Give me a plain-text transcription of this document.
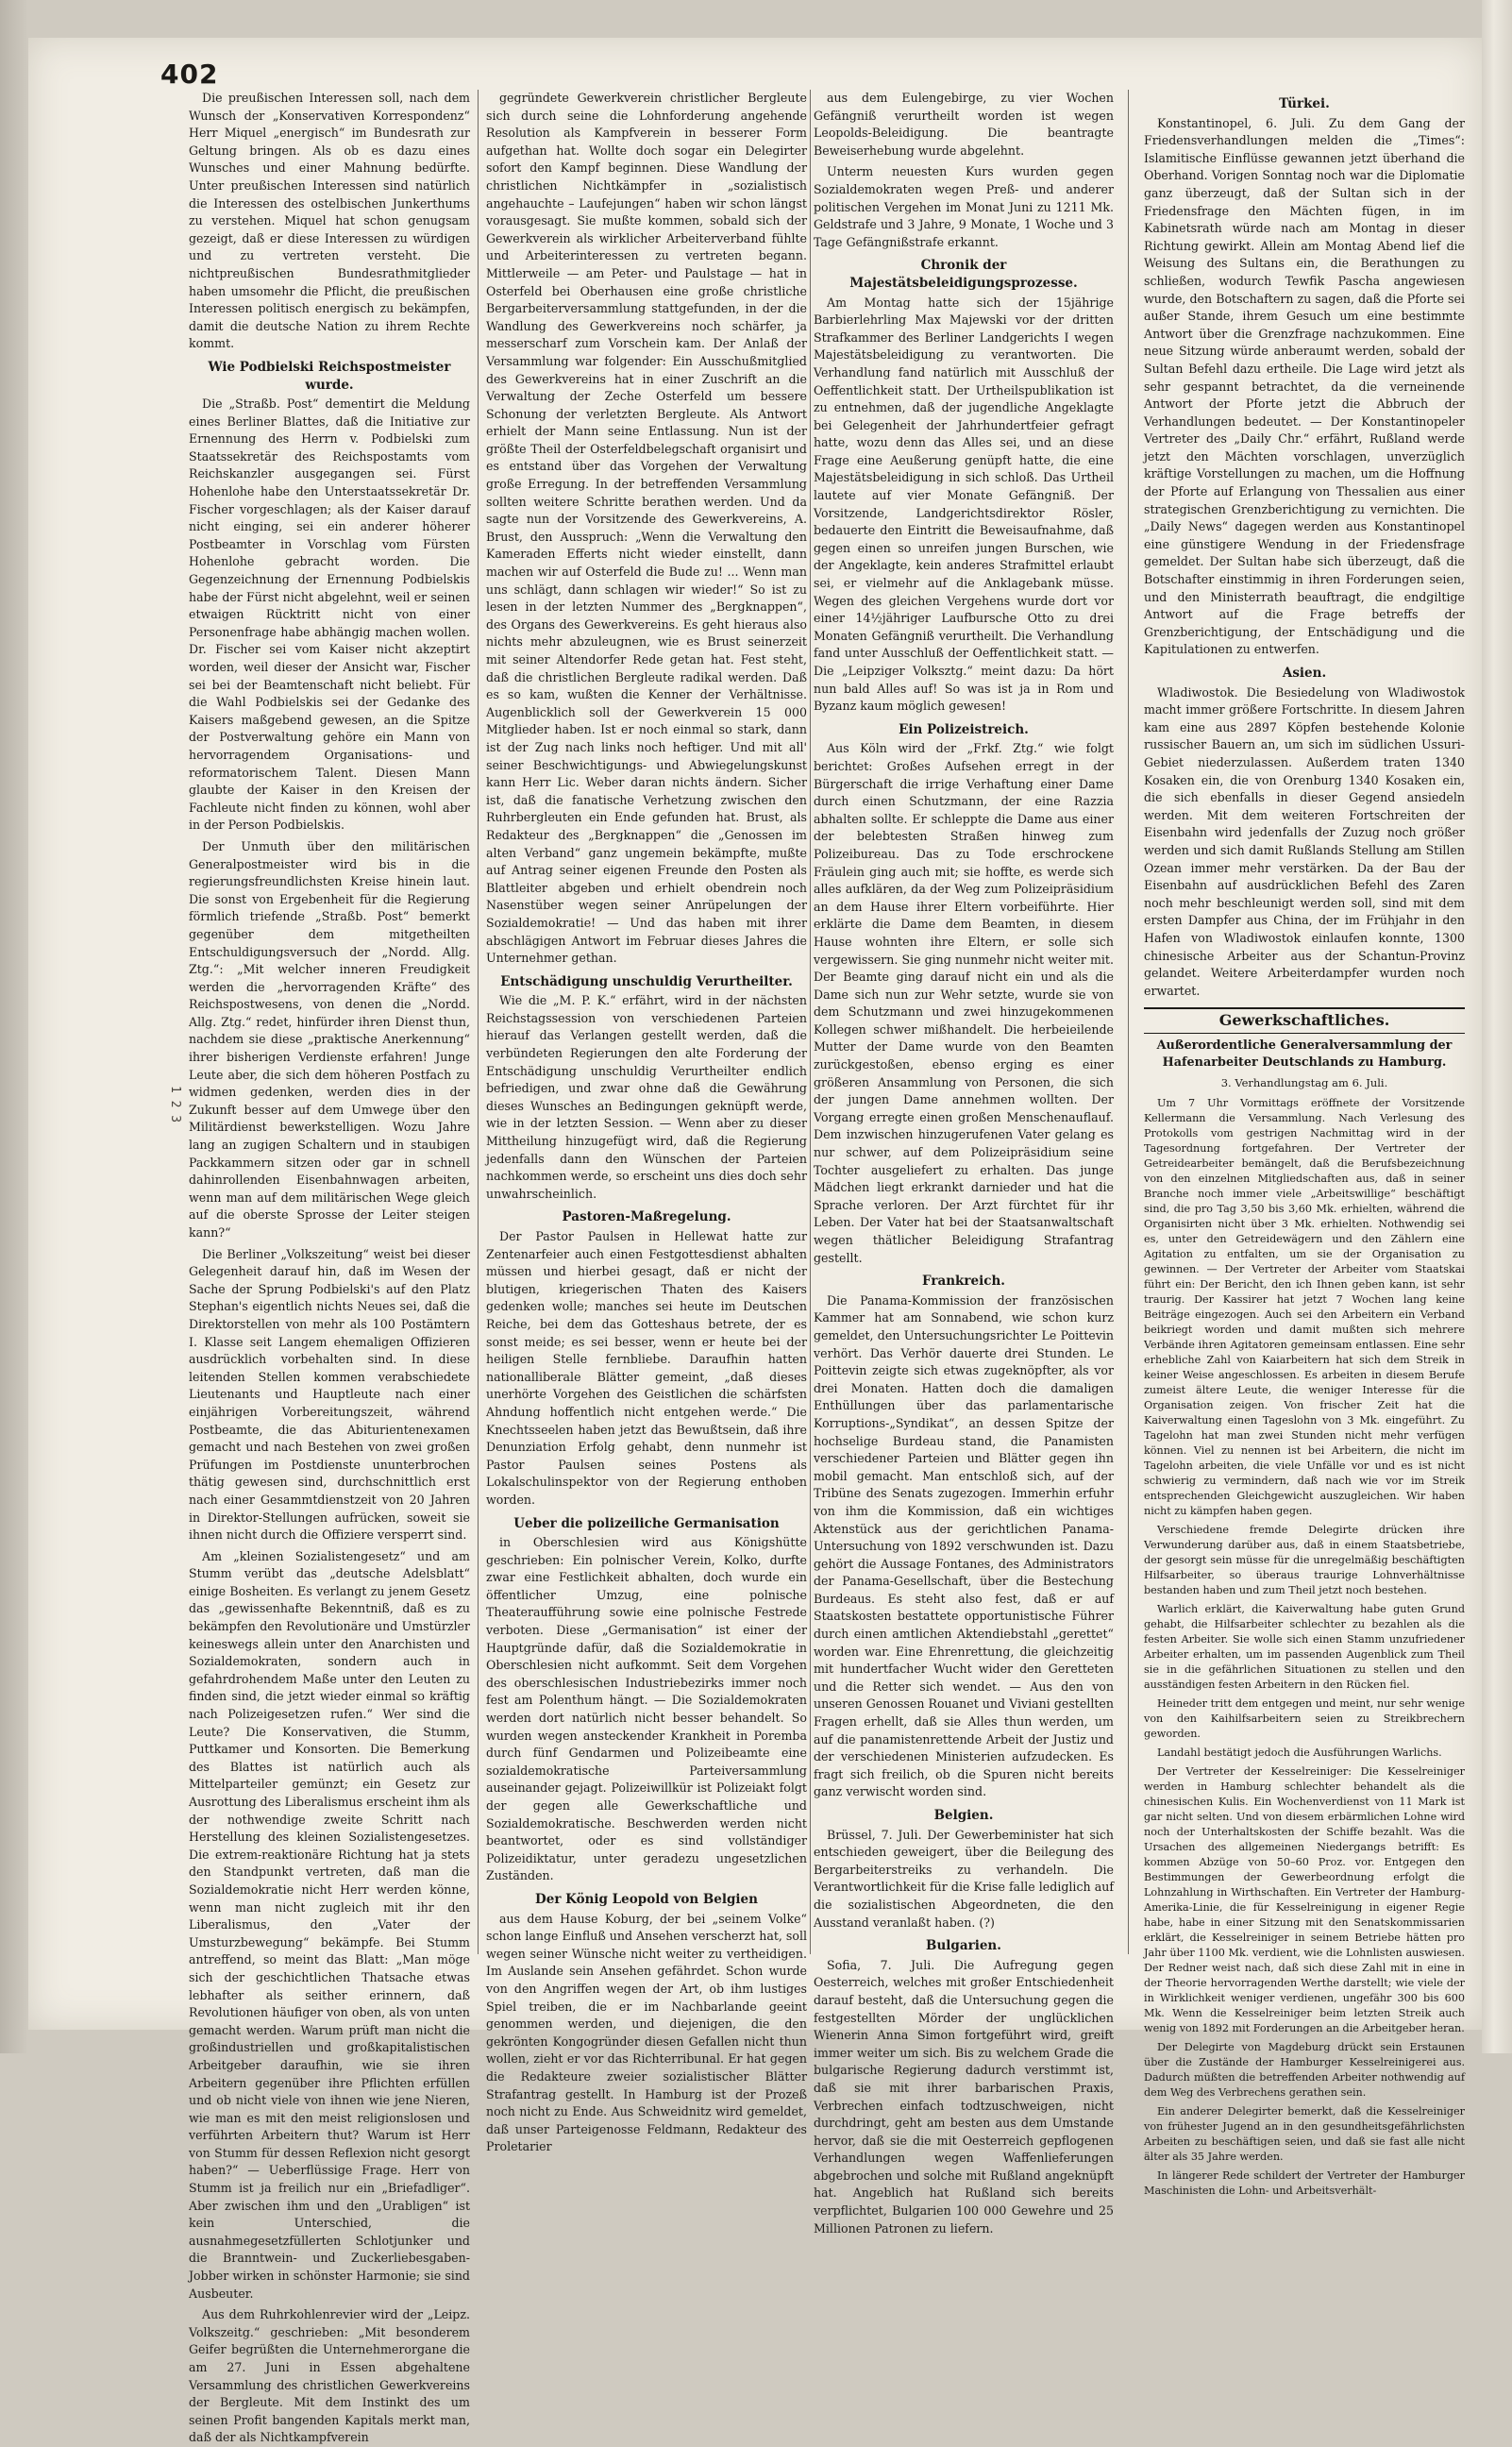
402
1 2 3

Die preußischen Interessen soll, nach dem Wunsch der „Konservativen Korrespondenz“ Herr Miquel „energisch“ im Bundesrath zur Geltung bringen. Als ob es dazu eines Wunsches und einer Mahnung bedürfte. Unter preußischen Interessen sind natürlich die Interessen des ostelbischen Junkerthums zu verstehen. Miquel hat schon genugsam gezeigt, daß er diese Interessen zu würdigen und zu vertreten versteht. Die nichtpreußischen Bundesrathmitglieder haben umsomehr die Pflicht, die preußischen Interessen politisch energisch zu bekämpfen, damit die deutsche Nation zu ihrem Rechte kommt.

Wie Podbielski Reichspostmeister wurde.

Die „Straßb. Post“ dementirt die Meldung eines Berliner Blattes, daß die Initiative zur Ernennung des Herrn v. Podbielski zum Staatssekretär des Reichspostamts vom Reichskanzler ausgegangen sei. Fürst Hohenlohe habe den Unterstaatssekretär Dr. Fischer vorgeschlagen; als der Kaiser darauf nicht einging, sei ein anderer höherer Postbeamter in Vorschlag vom Fürsten Hohenlohe gebracht worden. Die Gegenzeichnung der Ernennung Podbielskis habe der Fürst nicht abgelehnt, weil er seinen etwaigen Rücktritt nicht von einer Personenfrage habe abhängig machen wollen. Dr. Fischer sei vom Kaiser nicht akzeptirt worden, weil dieser der Ansicht war, Fischer sei bei der Beamtenschaft nicht beliebt. Für die Wahl Podbielskis sei der Gedanke des Kaisers maßgebend gewesen, an die Spitze der Postverwaltung gehöre ein Mann von hervorragendem Organisations- und reformatorischem Talent. Diesen Mann glaubte der Kaiser in den Kreisen der Fachleute nicht finden zu können, wohl aber in der Person Podbielskis.

Der Unmuth über den militärischen Generalpostmeister wird bis in die regierungsfreundlichsten Kreise hinein laut. Die sonst von Ergebenheit für die Regierung förmlich triefende „Straßb. Post“ bemerkt gegenüber dem mitgetheilten Entschuldigungsversuch der „Nordd. Allg. Ztg.“: „Mit welcher inneren Freudigkeit werden die „hervorragenden Kräfte“ des Reichspostwesens, von denen die „Nordd. Allg. Ztg.“ redet, hinfürder ihren Dienst thun, nachdem sie diese „praktische Anerkennung“ ihrer bisherigen Verdienste erfahren! Junge Leute aber, die sich dem höheren Postfach zu widmen gedenken, werden dies in der Zukunft besser auf dem Umwege über den Militärdienst bewerkstelligen. Wozu Jahre lang an zugigen Schaltern und in staubigen Packkammern sitzen oder gar in schnell dahinrollenden Eisenbahnwagen arbeiten, wenn man auf dem militärischen Wege gleich auf die oberste Sprosse der Leiter steigen kann?“

Die Berliner „Volkszeitung“ weist bei dieser Gelegenheit darauf hin, daß im Wesen der Sache der Sprung Podbielski's auf den Platz Stephan's eigentlich nichts Neues sei, daß die Direktorstellen von mehr als 100 Postämtern I. Klasse seit Langem ehemaligen Offizieren ausdrücklich vorbehalten sind. In diese leitenden Stellen kommen verabschiedete Lieutenants und Hauptleute nach einer einjährigen Vorbereitungszeit, während Postbeamte, die das Abiturientenexamen gemacht und nach Bestehen von zwei großen Prüfungen im Postdienste ununterbrochen thätig gewesen sind, durchschnittlich erst nach einer Gesammtdienstzeit von 20 Jahren in Direktor-Stellungen aufrücken, soweit sie ihnen nicht durch die Offiziere versperrt sind.

Am „kleinen Sozialistengesetz“ und am Stumm verübt das „deutsche Adelsblatt“ einige Bosheiten. Es verlangt zu jenem Gesetz das „gewissenhafte Bekenntniß, daß es zu bekämpfen den Revolutionäre und Umstürzler keineswegs allein unter den Anarchisten und Sozialdemokraten, sondern auch in gefahrdrohendem Maße unter den Leuten zu finden sind, die jetzt wieder einmal so kräftig nach Polizeigesetzen rufen.“ Wer sind die Leute? Die Konservativen, die Stumm, Puttkamer und Konsorten. Die Bemerkung des Blattes ist natürlich auch als Mittelparteiler gemünzt; ein Gesetz zur Ausrottung des Liberalismus erscheint ihm als der nothwendige zweite Schritt nach Herstellung des kleinen Sozialistengesetzes. Die extrem-reaktionäre Richtung hat ja stets den Standpunkt vertreten, daß man die Sozialdemokratie nicht Herr werden könne, wenn man nicht zugleich mit ihr den Liberalismus, den „Vater der Umsturzbewegung“ bekämpfe. Bei Stumm antreffend, so meint das Blatt: „Man möge sich der geschichtlichen Thatsache etwas lebhafter als seither erinnern, daß Revolutionen häufiger von oben, als von unten gemacht werden. Warum prüft man nicht die großindustriellen und großkapitalistischen Arbeitgeber daraufhin, wie sie ihren Arbeitern gegenüber ihre Pflichten erfüllen und ob nicht viele von ihnen wie jene Nieren, wie man es mit den meist religionslosen und verführten Arbeitern thut? Warum ist Herr von Stumm für dessen Reflexion nicht gesorgt haben?“ — Ueberflüssige Frage. Herr von Stumm ist ja freilich nur ein „Briefadliger“. Aber zwischen ihm und den „Urabligen“ ist kein Unterschied, die ausnahmegesetzfüllerten Schlotjunker und die Branntwein- und Zuckerliebesgaben-Jobber wirken in schönster Harmonie; sie sind Ausbeuter.

Aus dem Ruhrkohlenrevier wird der „Leipz. Volkszeitg.“ geschrieben: „Mit besonderem Geifer begrüßten die Unternehmerorgane die am 27. Juni in Essen abgehaltene Versammlung des christlichen Gewerkvereins der Bergleute. Mit dem Instinkt des um seinen Profit bangenden Kapitals merkt man, daß der als Nichtkampfverein

gegründete Gewerkverein christlicher Bergleute sich durch seine die Lohnforderung angehende Resolution als Kampfverein in besserer Form aufgethan hat. Wollte doch sogar ein Delegirter sofort den Kampf beginnen. Diese Wandlung der christlichen Nichtkämpfer in „sozialistisch angehauchte – Laufejungen“ haben wir schon längst vorausgesagt. Sie mußte kommen, sobald sich der Gewerkverein als wirklicher Arbeiterverband fühlte und Arbeiterinteressen zu vertreten begann. Mittlerweile — am Peter- und Paulstage — hat in Osterfeld bei Oberhausen eine große christliche Bergarbeiterversammlung stattgefunden, in der die Wandlung des Gewerkvereins noch schärfer, ja messerscharf zum Vorschein kam. Der Anlaß der Versammlung war folgender: Ein Ausschußmitglied des Gewerkvereins hat in einer Zuschrift an die Verwaltung der Zeche Osterfeld um bessere Schonung der verletzten Bergleute. Als Antwort erhielt der Mann seine Entlassung. Nun ist der größte Theil der Osterfeldbelegschaft organisirt und es entstand über das Vorgehen der Verwaltung große Erregung. In der betreffenden Versammlung sollten weitere Schritte berathen werden. Und da sagte nun der Vorsitzende des Gewerkvereins, A. Brust, den Ausspruch: „Wenn die Verwaltung den Kameraden Efferts nicht wieder einstellt, dann machen wir auf Osterfeld die Bude zu! ... Wenn man uns schlägt, dann schlagen wir wieder!“ So ist zu lesen in der letzten Nummer des „Bergknappen“, des Organs des Gewerkvereins. Es geht hieraus also nichts mehr abzuleugnen, wie es Brust seinerzeit mit seiner Altendorfer Rede getan hat. Fest steht, daß die christlichen Bergleute radikal werden. Daß es so kam, wußten die Kenner der Verhältnisse. Augenblicklich soll der Gewerkverein 15 000 Mitglieder haben. Ist er noch einmal so stark, dann ist der Zug nach links noch heftiger. Und mit all' seiner Beschwichtigungs- und Abwiegelungskunst kann Herr Lic. Weber daran nichts ändern. Sicher ist, daß die fanatische Verhetzung zwischen den Ruhrbergleuten ein Ende gefunden hat. Brust, als Redakteur des „Bergknappen“ die „Genossen im alten Verband“ ganz ungemein bekämpfte, mußte auf Antrag seiner eigenen Freunde den Posten als Blattleiter abgeben und erhielt obendrein noch Nasenstüber wegen seiner Anrüpelungen der Sozialdemokratie! — Und das haben mit ihrer abschlägigen Antwort im Februar dieses Jahres die Unternehmer gethan.

Entschädigung unschuldig Verurtheilter.

Wie die „M. P. K.“ erfährt, wird in der nächsten Reichstagssession von verschiedenen Parteien hierauf das Verlangen gestellt werden, daß die verbündeten Regierungen den alte Forderung der Entschädigung unschuldig Verurtheilter endlich befriedigen, und zwar ohne daß die Gewährung dieses Wunsches an Bedingungen geknüpft werde, wie in der letzten Session. — Wenn aber zu dieser Mittheilung hinzugefügt wird, daß die Regierung jedenfalls dann den Wünschen der Parteien nachkommen werde, so erscheint uns dies doch sehr unwahrscheinlich.

Pastoren-Maßregelung.

Der Pastor Paulsen in Hellewat hatte zur Zentenarfeier auch einen Festgottesdienst abhalten müssen und hierbei gesagt, daß er nicht der blutigen, kriegerischen Thaten des Kaisers gedenken wolle; manches sei heute im Deutschen Reiche, bei dem das Gotteshaus betrete, der es sonst meide; es sei besser, wenn er heute bei der heiligen Stelle fernbliebe. Daraufhin hatten nationalliberale Blätter gemeint, „daß dieses unerhörte Vorgehen des Geistlichen die schärfsten Ahndung hoffentlich nicht entgehen werde.“ Die Knechtsseelen haben jetzt das Bewußtsein, daß ihre Denunziation Erfolg gehabt, denn nunmehr ist Pastor Paulsen seines Postens als Lokalschulinspektor von der Regierung enthoben worden.

Ueber die polizeiliche Germanisation

in Oberschlesien wird aus Königshütte geschrieben: Ein polnischer Verein, Kolko, durfte zwar eine Festlichkeit abhalten, doch wurde ein öffentlicher Umzug, eine polnische Theateraufführung sowie eine polnische Festrede verboten. Diese „Germanisation“ ist einer der Hauptgründe dafür, daß die Sozialdemokratie in Oberschlesien nicht aufkommt. Seit dem Vorgehen des oberschlesischen Industriebezirks immer noch fest am Polenthum hängt. — Die Sozialdemokraten werden dort natürlich nicht besser behandelt. So wurden wegen ansteckender Krankheit in Poremba durch fünf Gendarmen und Polizeibeamte eine sozialdemokratische Parteiversammlung auseinander gejagt. Polizeiwillkür ist Polizeiakt folgt der gegen alle Gewerkschaftliche und Sozialdemokratische. Beschwerden werden nicht beantwortet, oder es sind vollständiger Polizeidiktatur, unter geradezu ungesetzlichen Zuständen.

Der König Leopold von Belgien

aus dem Hause Koburg, der bei „seinem Volke“ schon lange Einfluß und Ansehen verscherzt hat, soll wegen seiner Wünsche nicht weiter zu vertheidigen. Im Auslande sein Ansehen gefährdet. Schon wurde von den Angriffen wegen der Art, ob ihm lustiges Spiel treiben, die er im Nachbarlande geeint genommen werden, und diejenigen, die den gekrönten Kongogründer diesen Gefallen nicht thun wollen, zieht er vor das Richterribunal. Er hat gegen die Redakteure zweier sozialistischer Blätter Strafantrag gestellt. In Hamburg ist der Prozeß noch nicht zu Ende. Aus Schweidnitz wird gemeldet, daß unser Parteigenosse Feldmann, Redakteur des Proletarier

aus dem Eulengebirge, zu vier Wochen Gefängniß verurtheilt worden ist wegen Leopolds-Beleidigung. Die beantragte Beweiserhebung wurde abgelehnt.

Unterm neuesten Kurs wurden gegen Sozialdemokraten wegen Preß- und anderer politischen Vergehen im Monat Juni zu 1211 Mk. Geldstrafe und 3 Jahre, 9 Monate, 1 Woche und 3 Tage Gefängnißstrafe erkannt.

Chronik der Majestätsbeleidigungsprozesse.

Am Montag hatte sich der 15jährige Barbierlehrling Max Majewski vor der dritten Strafkammer des Berliner Landgerichts I wegen Majestätsbeleidigung zu verantworten. Die Verhandlung fand natürlich mit Ausschluß der Oeffentlichkeit statt. Der Urtheilspublikation ist zu entnehmen, daß der jugendliche Angeklagte bei Gelegenheit der Jahrhundertfeier gefragt hatte, wozu denn das Alles sei, und an diese Frage eine Aeußerung genüpft hatte, die eine Majestätsbeleidigung in sich schloß. Das Urtheil lautete auf vier Monate Gefängniß. Der Vorsitzende, Landgerichtsdirektor Rösler, bedauerte den Eintritt die Beweisaufnahme, daß gegen einen so unreifen jungen Burschen, wie der Angeklagte, kein anderes Strafmittel erlaubt sei, er vielmehr auf die Anklagebank müsse. Wegen des gleichen Vergehens wurde dort vor einer 14½jähriger Laufbursche Otto zu drei Monaten Gefängniß verurtheilt. Die Verhandlung fand unter Ausschluß der Oeffentlichkeit statt. — Die „Leipziger Volksztg.“ meint dazu: Da hört nun bald Alles auf! So was ist ja in Rom und Byzanz kaum möglich gewesen!

Ein Polizeistreich.

Aus Köln wird der „Frkf. Ztg.“ wie folgt berichtet: Großes Aufsehen erregt in der Bürgerschaft die irrige Verhaftung einer Dame durch einen Schutzmann, der eine Razzia abhalten sollte. Er schleppte die Dame aus einer der belebtesten Straßen hinweg zum Polizeibureau. Das zu Tode erschrockene Fräulein ging auch mit; sie hoffte, es werde sich alles aufklären, da der Weg zum Polizeipräsidium an dem Hause ihrer Eltern vorbeiführte. Hier erklärte die Dame dem Beamten, in diesem Hause wohnten ihre Eltern, er solle sich vergewissern. Sie ging nunmehr nicht weiter mit. Der Beamte ging darauf nicht ein und als die Dame sich nun zur Wehr setzte, wurde sie von dem Schutzmann und zwei hinzugekommenen Kollegen schwer mißhandelt. Die herbeieilende Mutter der Dame wurde von den Beamten zurückgestoßen, ebenso erging es einer größeren Ansammlung von Personen, die sich der jungen Dame annehmen wollten. Der Vorgang erregte einen großen Menschenauflauf. Dem inzwischen hinzugerufenen Vater gelang es nur schwer, auf dem Polizeipräsidium seine Tochter ausgeliefert zu erhalten. Das junge Mädchen liegt erkrankt darnieder und hat die Sprache verloren. Der Arzt fürchtet für ihr Leben. Der Vater hat bei der Staatsanwaltschaft wegen thätlicher Beleidigung Strafantrag gestellt.

Frankreich.

Die Panama-Kommission der französischen Kammer hat am Sonnabend, wie schon kurz gemeldet, den Untersuchungsrichter Le Poittevin verhört. Das Verhör dauerte drei Stunden. Le Poittevin zeigte sich etwas zugeknöpfter, als vor drei Monaten. Hatten doch die damaligen Enthüllungen über das parlamentarische Korruptions-„Syndikat“, an dessen Spitze der hochselige Burdeau stand, die Panamisten verschiedener Parteien und Blätter gegen ihn mobil gemacht. Man entschloß sich, auf der Tribüne des Senats zugezogen. Immerhin erfuhr von ihm die Kommission, daß ein wichtiges Aktenstück aus der gerichtlichen Panama-Untersuchung von 1892 verschwunden ist. Dazu gehört die Aussage Fontanes, des Administrators der Panama-Gesellschaft, über die Bestechung Burdeaus. Es steht also fest, daß er auf Staatskosten bestattete opportunistische Führer durch einen amtlichen Aktendiebstahl „gerettet“ worden war. Eine Ehrenrettung, die gleichzeitig mit hundertfacher Wucht wider den Geretteten und die Retter sich wendet. — Aus den von unseren Genossen Rouanet und Viviani gestellten Fragen erhellt, daß sie Alles thun werden, um auf die panamistenrettende Arbeit der Justiz und der verschiedenen Ministerien aufzudecken. Es fragt sich freilich, ob die Spuren nicht bereits ganz verwischt worden sind.

Belgien.

Brüssel, 7. Juli. Der Gewerbeminister hat sich entschieden geweigert, über die Beilegung des Bergarbeiterstreiks zu verhandeln. Die Verantwortlichkeit für die Krise falle lediglich auf die sozialistischen Abgeordneten, die den Ausstand veranlaßt haben. (?)

Bulgarien.

Sofia, 7. Juli. Die Aufregung gegen Oesterreich, welches mit großer Entschiedenheit darauf besteht, daß die Untersuchung gegen die festgestellten Mörder der unglücklichen Wienerin Anna Simon fortgeführt wird, greift immer weiter um sich. Bis zu welchem Grade die bulgarische Regierung dadurch verstimmt ist, daß sie mit ihrer barbarischen Praxis, Verbrechen einfach todtzuschweigen, nicht durchdringt, geht am besten aus dem Umstande hervor, daß sie die mit Oesterreich gepflogenen Verhandlungen wegen Waffenlieferungen abgebrochen und solche mit Rußland angeknüpft hat. Angeblich hat Rußland sich bereits verpflichtet, Bulgarien 100 000 Gewehre und 25 Millionen Patronen zu liefern.

Türkei.

Konstantinopel, 6. Juli. Zu dem Gang der Friedensverhandlungen melden die „Times“: Islamitische Einflüsse gewannen jetzt überhand die Oberhand. Vorigen Sonntag noch war die Diplomatie ganz überzeugt, daß der Sultan sich in der Friedensfrage den Mächten fügen, in im Kabinetsrath würde nach am Montag in dieser Richtung gewirkt. Allein am Montag Abend lief die Weisung des Sultans ein, die Berathungen zu schließen, wodurch Tewfik Pascha angewiesen wurde, den Botschaftern zu sagen, daß die Pforte sei außer Stande, ihrem Gesuch um eine bestimmte Antwort über die Grenzfrage nachzukommen. Eine neue Sitzung würde anberaumt werden, sobald der Sultan Befehl dazu ertheile. Die Lage wird jetzt als sehr gespannt betrachtet, da die verneinende Antwort der Pforte jetzt die Abbruch der Verhandlungen bedeutet. — Der Konstantinopeler Vertreter des „Daily Chr.“ erfährt, Rußland werde jetzt den Mächten vorschlagen, unverzüglich kräftige Vorstellungen zu machen, um die Hoffnung der Pforte auf Erlangung von Thessalien aus einer strategischen Grenzberichtigung zu vernichten. Die „Daily News“ dagegen werden aus Konstantinopel eine günstigere Wendung in der Friedensfrage gemeldet. Der Sultan habe sich überzeugt, daß die Botschafter einstimmig in ihren Forderungen seien, und den Ministerrath beauftragt, die endgiltige Antwort auf die Frage betreffs der Grenzberichtigung, der Entschädigung und die Kapitulationen zu entwerfen.

Asien.

Wladiwostok. Die Besiedelung von Wladiwostok macht immer größere Fortschritte. In diesem Jahren kam eine aus 2897 Köpfen bestehende Kolonie russischer Bauern an, um sich im südlichen Ussuri-Gebiet niederzulassen. Außerdem traten 1340 Kosaken ein, die von Orenburg 1340 Kosaken ein, die sich ebenfalls in dieser Gegend ansiedeln werden. Mit dem weiteren Fortschreiten der Eisenbahn wird jedenfalls der Zuzug noch größer werden und sich damit Rußlands Stellung am Stillen Ozean immer mehr verstärken. Da der Bau der Eisenbahn auf ausdrücklichen Befehl des Zaren noch mehr beschleunigt werden soll, sind mit dem ersten Dampfer aus China, der im Frühjahr in den Hafen von Wladiwostok einlaufen konnte, 1300 chinesische Arbeiter aus der Schantun-Provinz gelandet. Weitere Arbeiterdampfer wurden noch erwartet.

Gewerkschaftliches.
Außerordentliche Generalversammlung der Hafenarbeiter Deutschlands zu Hamburg.
3. Verhandlungstag am 6. Juli.

Um 7 Uhr Vormittags eröffnete der Vorsitzende Kellermann die Versammlung. Nach Verlesung des Protokolls vom gestrigen Nachmittag wird in der Tagesordnung fortgefahren. Der Vertreter der Getreidearbeiter bemängelt, daß die Berufsbezeichnung von den einzelnen Mitgliedschaften aus, daß in seiner Branche noch immer viele „Arbeitswillige“ beschäftigt sind, die pro Tag 3,50 bis 3,60 Mk. erhielten, während die Organisirten nicht über 3 Mk. erhielten. Nothwendig sei es, unter den Getreidewägern und den Zählern eine Agitation zu entfalten, um sie der Organisation zu gewinnen. — Der Vertreter der Arbeiter vom Staatskai führt ein: Der Bericht, den ich Ihnen geben kann, ist sehr traurig. Der Kassirer hat jetzt 7 Wochen lang keine Beiträge eingezogen. Auch sei den Arbeitern ein Verband beikriegt worden und damit mußten sich mehrere Verbände ihren Agitatoren gemeinsam entlassen. Eine sehr erhebliche Zahl von Kaiarbeitern hat sich dem Streik in keiner Weise angeschlossen. Es arbeiten in diesem Berufe zumeist ältere Leute, die weniger Interesse für die Organisation zeigen. Von frischer Zeit hat die Kaiverwaltung einen Tageslohn von 3 Mk. eingeführt. Zu Tagelohn hat man zwei Stunden nicht mehr verfügen können. Viel zu nennen ist bei Arbeitern, die nicht im Tagelohn arbeiten, die viele Unfälle vor und es ist nicht schwierig zu vermindern, daß nach wie vor im Streik entsprechenden Gleichgewicht auszugleichen. Wir haben nicht zu kämpfen haben gegen.

Verschiedene fremde Delegirte drücken ihre Verwunderung darüber aus, daß in einem Staatsbetriebe, der gesorgt sein müsse für die unregelmäßig beschäftigten Hilfsarbeiter, so überaus traurige Lohnverhältnisse bestanden haben und zum Theil jetzt noch bestehen.

Warlich erklärt, die Kaiverwaltung habe guten Grund gehabt, die Hilfsarbeiter schlechter zu bezahlen als die festen Arbeiter. Sie wolle sich einen Stamm unzufriedener Arbeiter erhalten, um im passenden Augenblick zum Theil sie in die gefährlichen Situationen zu stellen und den ausständigen festen Arbeitern in den Rücken fiel.

Heineder tritt dem entgegen und meint, nur sehr wenige von den Kaihilfsarbeitern seien zu Streikbrechern geworden.

Landahl bestätigt jedoch die Ausführungen Warlichs.

Der Vertreter der Kesselreiniger: Die Kesselreiniger werden in Hamburg schlechter behandelt als die chinesischen Kulis. Ein Wochenverdienst von 11 Mark ist gar nicht selten. Und von diesem erbärmlichen Lohne wird noch der Unterhaltskosten der Schiffe bezahlt. Was die Ursachen des allgemeinen Niedergangs betrifft: Es kommen Abzüge von 50–60 Proz. vor. Entgegen den Bestimmungen der Gewerbeordnung erfolgt die Lohnzahlung in Wirthschaften. Ein Vertreter der Hamburg-Amerika-Linie, die für Kesselreinigung in eigener Regie habe, habe in einer Sitzung mit den Senatskommissarien erklärt, die Kesselreiniger in seinem Betriebe hätten pro Jahr über 1100 Mk. verdient, wie die Lohnlisten auswiesen. Der Redner weist nach, daß sich diese Zahl mit in eine in der Theorie hervorragenden Werthe darstellt; wie viele der in Wirklichkeit weniger verdienen, ungefähr 300 bis 600 Mk. Wenn die Kesselreiniger beim letzten Streik auch wenig von 1892 mit Forderungen an die Arbeitgeber heran.

Der Delegirte von Magdeburg drückt sein Erstaunen über die Zustände der Hamburger Kesselreinigerei aus. Dadurch müßten die betreffenden Arbeiter nothwendig auf dem Weg des Verbrechens gerathen sein.

Ein anderer Delegirter bemerkt, daß die Kesselreiniger von frühester Jugend an in den gesundheitsgefährlichsten Arbeiten zu beschäftigen seien, und daß sie fast alle nicht älter als 35 Jahre werden.

In längerer Rede schildert der Vertreter der Hamburger Maschinisten die Lohn- und Arbeitsverhält-
